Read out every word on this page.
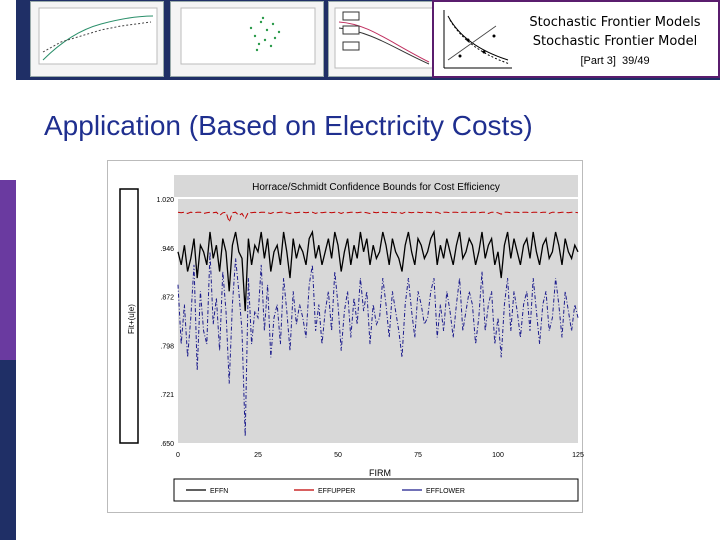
Stochastic Frontier Models
Stochastic Frontier Model
[Part 3] 39/49
Application (Based on Electricity Costs)
Fit+(u|e)
Horrace/Schmidt Confidence Bounds for Cost Efficiency
FIRM
.650
.721
.798
.872
.946
1.020
0	25	50	75	100	125
EFFN	EFFUPPER	EFFLOWER
